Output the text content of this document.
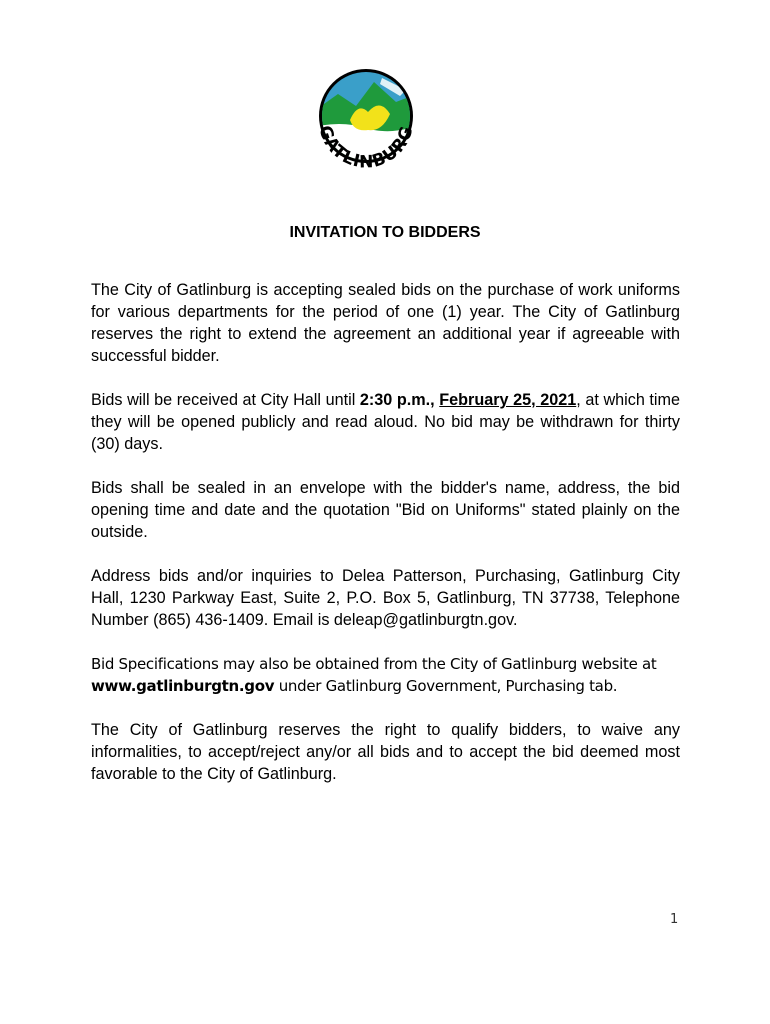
GATLINBURG
INVITATION TO BIDDERS

The City of Gatlinburg is accepting sealed bids on the purchase of work uniforms for various departments for the period of one (1) year. The City of Gatlinburg reserves the right to extend the agreement an additional year if agreeable with successful bidder.

Bids will be received at City Hall until 2:30 p.m., February 25, 2021, at which time they will be opened publicly and read aloud. No bid may be withdrawn for thirty (30) days.

Bids shall be sealed in an envelope with the bidder's name, address, the bid opening time and date and the quotation "Bid on Uniforms" stated plainly on the outside.

Address bids and/or inquiries to Delea Patterson, Purchasing, Gatlinburg City Hall, 1230 Parkway East, Suite 2, P.O. Box 5, Gatlinburg, TN 37738, Telephone Number (865) 436-1409. Email is deleap@gatlinburgtn.gov.

Bid Specifications may also be obtained from the City of Gatlinburg website at www.gatlinburgtn.gov under Gatlinburg Government, Purchasing tab.

The City of Gatlinburg reserves the right to qualify bidders, to waive any informalities, to accept/reject any/or all bids and to accept the bid deemed most favorable to the City of Gatlinburg.

1
